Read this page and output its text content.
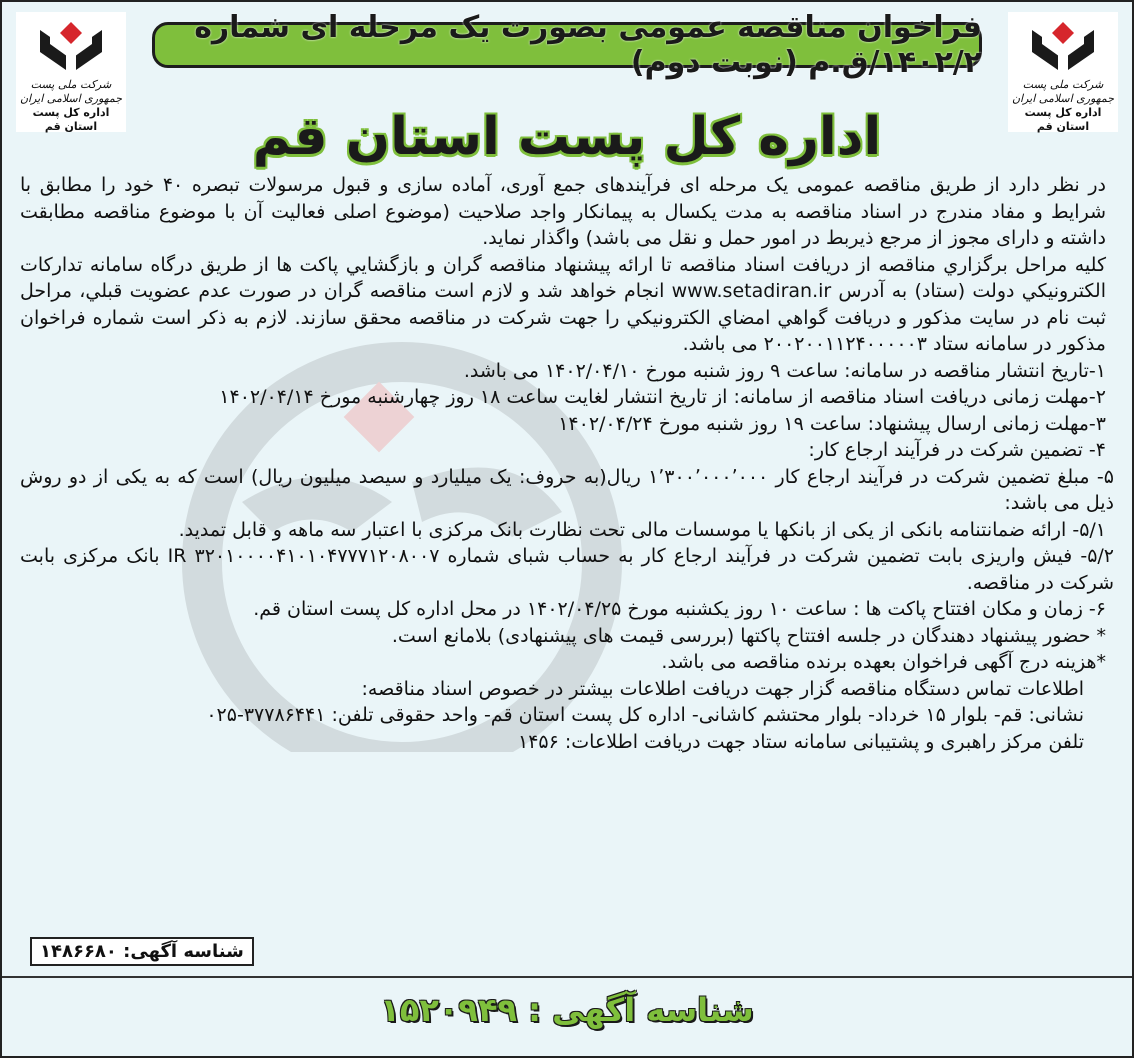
شرکت ملی پست جمهوری اسلامی ایران
اداره کل پست استان قم
شرکت ملی پست جمهوری اسلامی ایران
اداره کل پست استان قم
فراخوان مناقصه عمومی بصورت یک مرحله ای شماره ۱۴۰۲/۲/ق.م (نوبت دوم)
اداره کل پست استان قم

در نظر دارد از طریق مناقصه عمومی یک مرحله ای فرآیندهای جمع آوری، آماده سازی و قبول مرسولات تبصره ۴۰ خود را مطابق با شرایط و مفاد مندرج در اسناد مناقصه به مدت یکسال به پیمانکار واجد صلاحیت (موضوع اصلی فعالیت آن با موضوع مناقصه مطابقت داشته و دارای مجوز از مرجع ذیربط در امور حمل و نقل می باشد) واگذار نماید.

کلیه مراحل برگزاري مناقصه از دریافت اسناد مناقصه تا ارائه پیشنهاد مناقصه گران و بازگشايي پاکت ها از طریق درگاه سامانه تدارکات الکترونیکي دولت (ستاد) به آدرس www.setadiran.ir انجام خواهد شد و لازم است مناقصه گران در صورت عدم عضویت قبلي، مراحل ثبت نام در سایت مذکور و دریافت گواهي امضاي الکترونیکي را جهت شرکت در مناقصه محقق سازند. لازم به ذکر است شماره فراخوان مذکور در سامانه ستاد ۲۰۰۲۰۰۱۱۲۴۰۰۰۰۰۳ می باشد.

۱-تاریخ انتشار مناقصه در سامانه: ساعت ۹ روز شنبه مورخ ۱۴۰۲/۰۴/۱۰ می باشد.

۲-مهلت زمانی دریافت اسناد مناقصه از سامانه: از تاریخ انتشار لغایت ساعت ۱۸ روز چهارشنبه مورخ ۱۴۰۲/۰۴/۱۴

۳-مهلت زمانی ارسال پیشنهاد: ساعت ۱۹ روز شنبه مورخ ۱۴۰۲/۰۴/۲۴

۴- تضمین شرکت در فرآیند ارجاع کار:

۵- مبلغ تضمین شرکت در فرآیند ارجاع کار ۱٬۳۰۰٬۰۰۰٬۰۰۰ ریال(به حروف: یک میلیارد و سیصد میلیون ریال) است که به یکی از دو روش ذیل می باشد:

۵/۱- ارائه ضمانتنامه بانکی از یکی از بانکها یا موسسات مالی تحت نظارت بانک مرکزی با اعتبار سه ماهه و قابل تمدید.

۵/۲- فیش واریزی بابت تضمین شرکت در فرآیند ارجاع کار به حساب شبای شماره IR ۳۲۰۱۰۰۰۰۴۱۰۱۰۴۷۷۷۱۲۰۸۰۰۷ بانک مرکزی بابت شرکت در مناقصه.

۶- زمان و مکان افتتاح پاکت ها : ساعت ۱۰ روز یکشنبه مورخ ۱۴۰۲/۰۴/۲۵ در محل اداره کل پست استان قم.

* حضور پیشنهاد دهندگان در جلسه افتتاح پاکتها (بررسی قیمت های پیشنهادی) بلامانع است.

*هزینه درج آگهی فراخوان بعهده برنده مناقصه می باشد.

اطلاعات تماس دستگاه مناقصه گزار جهت دریافت اطلاعات بیشتر در خصوص اسناد مناقصه:

نشانی: قم- بلوار ۱۵ خرداد- بلوار محتشم کاشانی- اداره کل پست استان قم- واحد حقوقی تلفن: ۳۷۷۸۶۴۴۱-۰۲۵

تلفن مرکز راهبری و پشتیبانی سامانه ستاد جهت دریافت اطلاعات: ۱۴۵۶

شناسه آگهی: ۱۴۸۶۶۸۰
شناسه آگهی : ۱۵۲۰۹۴۹
